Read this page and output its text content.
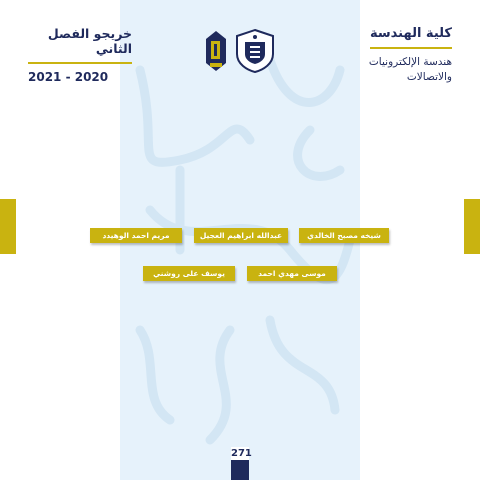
كلية الهندسة
هندسة الإلكترونيات
والاتصالات
خريجو الفصل الثاني
2021 - 2020
شيخه مصبح الخالدي
عبدالله ابراهيم العجيل
مريم احمد الوهيدد
موسى مهدي احمد
يوسف على روشني
271
